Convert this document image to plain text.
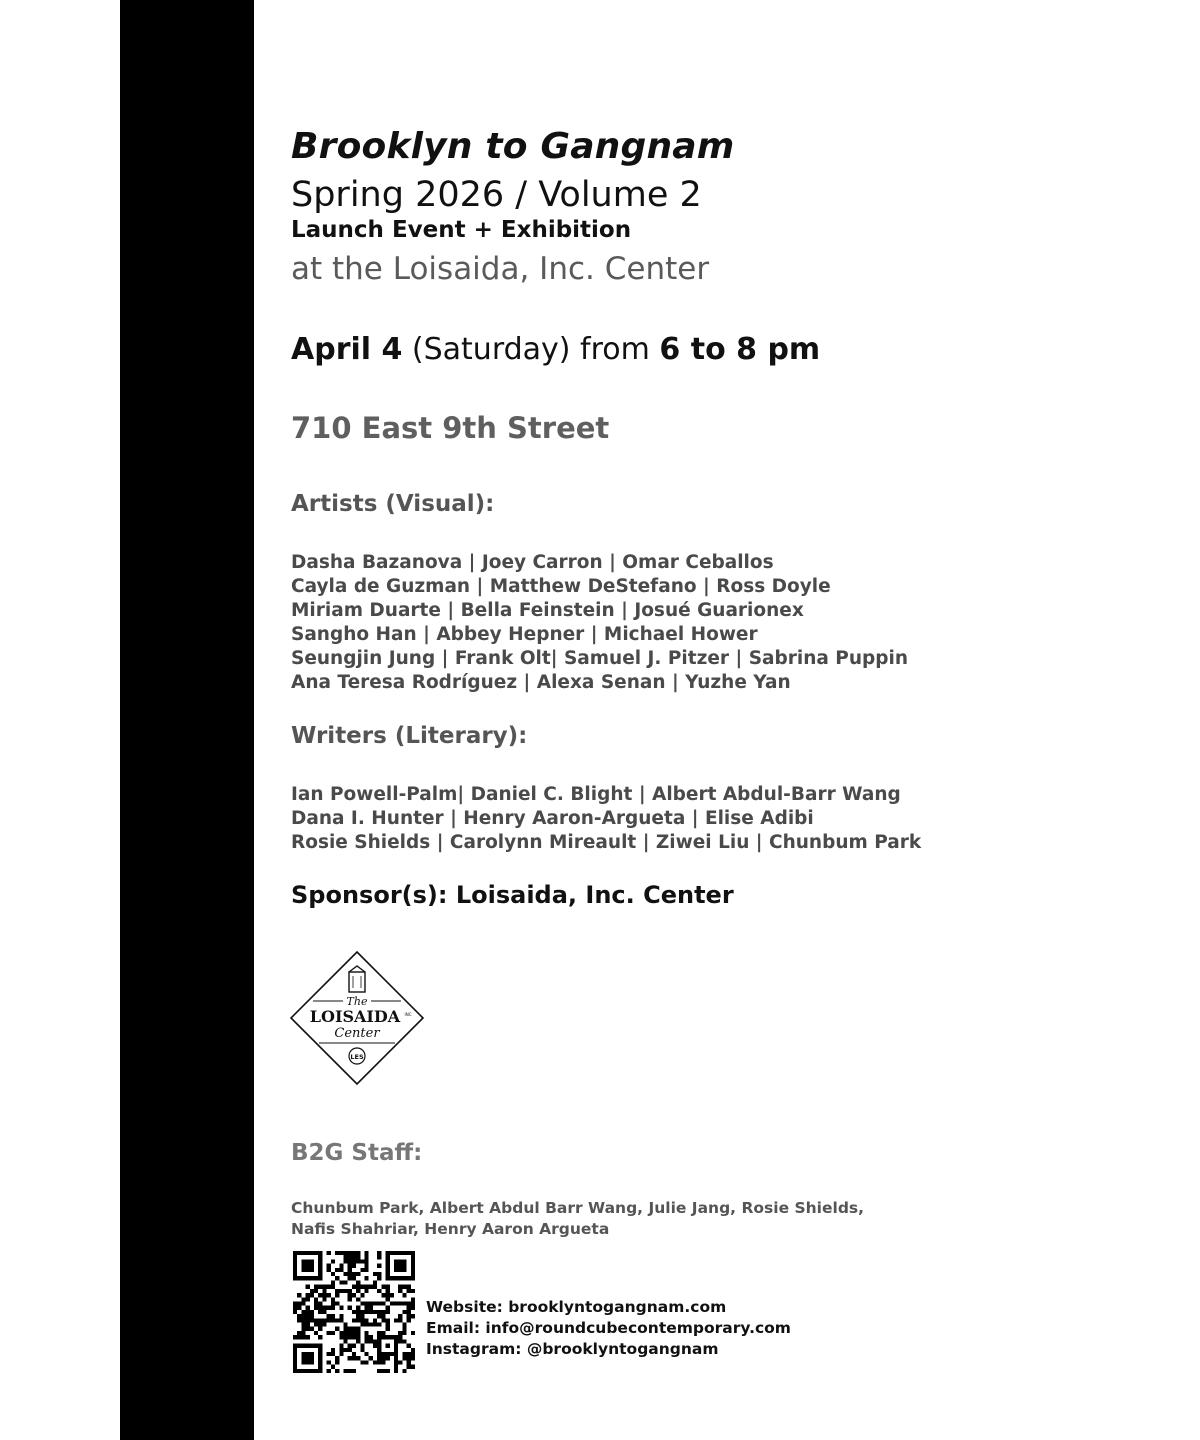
Brooklyn to Gangnam
Spring 2026 / Volume 2
Launch Event + Exhibition
at the Loisaida, Inc. Center
April 4 (Saturday) from 6 to 8 pm
710 East 9th Street
Artists (Visual):
Dasha Bazanova | Joey Carron | Omar Ceballos
Cayla de Guzman | Matthew DeStefano | Ross Doyle
Miriam Duarte | Bella Feinstein | Josué Guarionex
Sangho Han | Abbey Hepner | Michael Hower
Seungjin Jung | Frank Olt| Samuel J. Pitzer | Sabrina Puppin
Ana Teresa Rodríguez | Alexa Senan | Yuzhe Yan
Writers (Literary):
Ian Powell-Palm| Daniel C. Blight | Albert Abdul-Barr Wang
Dana I. Hunter | Henry Aaron-Argueta | Elise Adibi
Rosie Shields | Carolynn Mireault | Ziwei Liu | Chunbum Park
Sponsor(s): Loisaida, Inc. Center
The
LOISAIDA INC
Center
LES
B2G Staff:
Chunbum Park, Albert Abdul Barr Wang, Julie Jang, Rosie Shields,
Nafis Shahriar, Henry Aaron Argueta
Website: brooklyntogangnam.com
Email: info@roundcubecontemporary.com
Instagram: @brooklyntogangnam
